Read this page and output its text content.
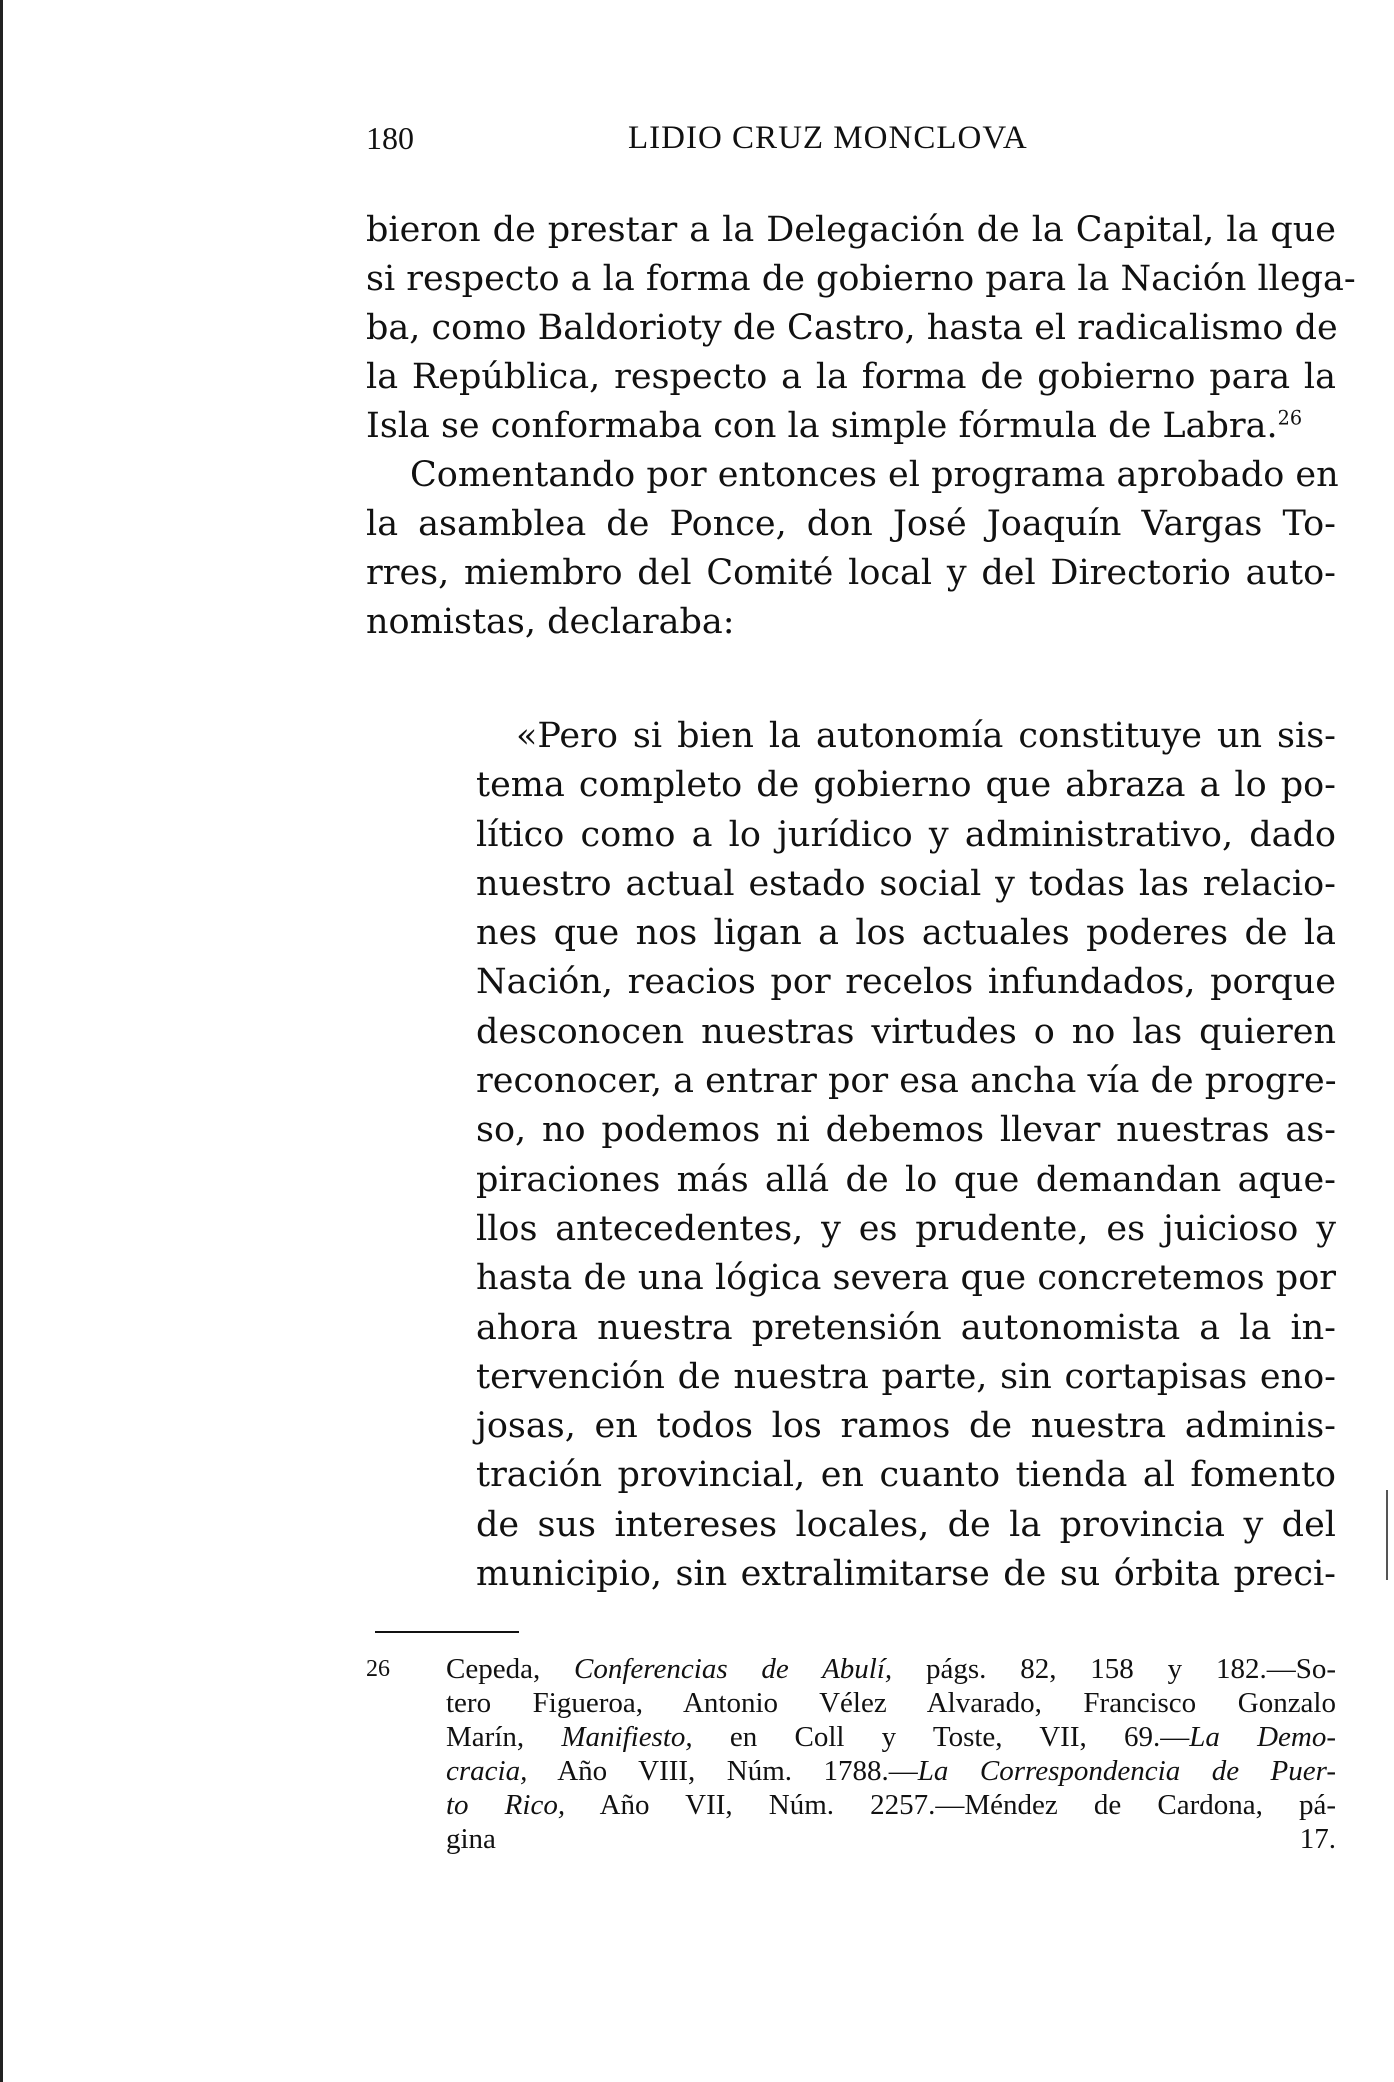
180	LIDIO CRUZ MONCLOVA
bieron de prestar a la Delegación de la Capital, la que
si respecto a la forma de gobierno para la Nación llega-
ba, como Baldorioty de Castro, hasta el radicalismo de
la República, respecto a la forma de gobierno para la
Isla se conformaba con la simple fórmula de Labra.$^{26}$
Comentando por entonces el programa aprobado en
la asamblea de Ponce, don José Joaquín Vargas To-
rres, miembro del Comité local y del Directorio auto-
nomistas, declaraba:
«Pero si bien la autonomía constituye un sis-
tema completo de gobierno que abraza a lo po-
lítico como a lo jurídico y administrativo, dado
nuestro actual estado social y todas las relacio-
nes que nos ligan a los actuales poderes de la
Nación, reacios por recelos infundados, porque
desconocen nuestras virtudes o no las quieren
reconocer, a entrar por esa ancha vía de progre-
so, no podemos ni debemos llevar nuestras as-
piraciones más allá de lo que demandan aque-
llos antecedentes, y es prudente, es juicioso y
hasta de una lógica severa que concretemos por
ahora nuestra pretensión autonomista a la in-
tervención de nuestra parte, sin cortapisas eno-
josas, en todos los ramos de nuestra adminis-
tración provincial, en cuanto tienda al fomento
de sus intereses locales, de la provincia y del
municipio, sin extralimitarse de su órbita preci-
26 Cepeda, Conferencias de Abulí, págs. 82, 158 y 182.—So-
tero Figueroa, Antonio Vélez Alvarado, Francisco Gonzalo
Marín, Manifiesto, en Coll y Toste, VII, 69.—La Demo-
cracia, Año VIII, Núm. 1788.—La Correspondencia de Puer-
to Rico, Año VII, Núm. 2257.—Méndez de Cardona, pá-
gina 17.
